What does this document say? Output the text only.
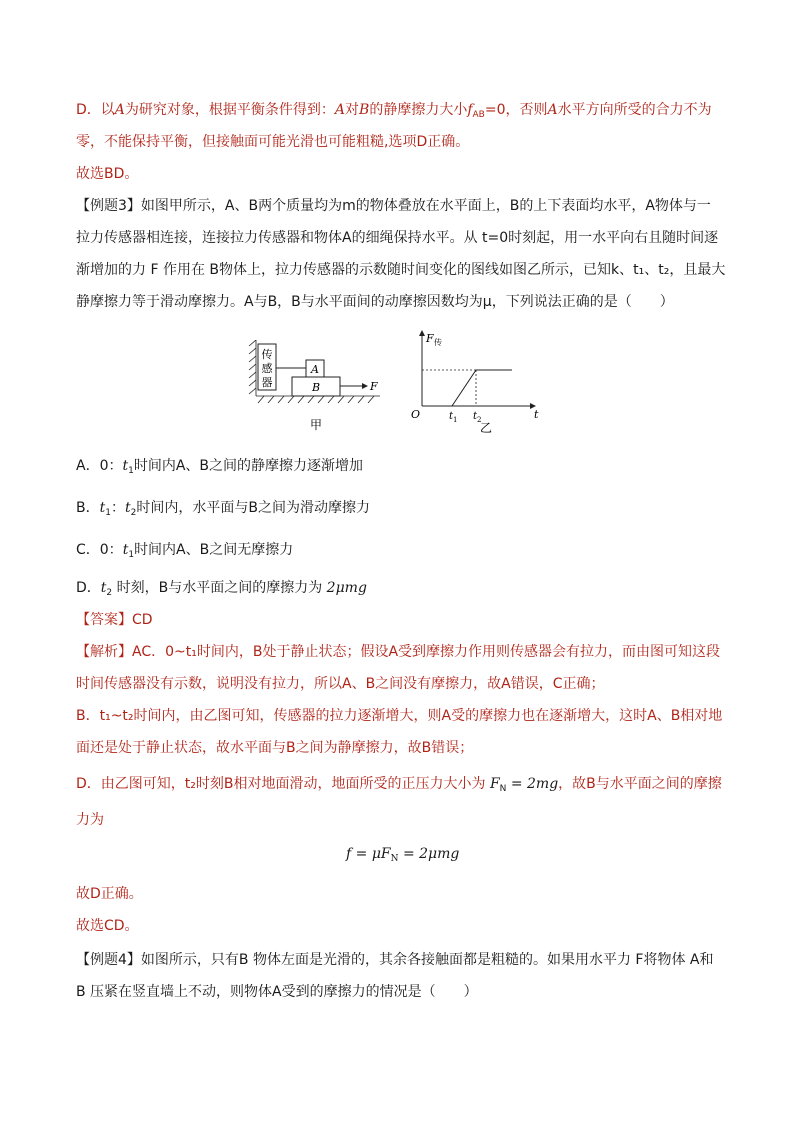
D．以A为研究对象，根据平衡条件得到：A对B的静摩擦力大小$f_{AB}=0$，否则A水平方向所受的合力不为
零，不能保持平衡，但接触面可能光滑也可能粗糙,选项D正确。
故选BD。
【例题3】如图甲所示，A、B两个质量均为m的物体叠放在水平面上，B的上下表面均水平，A物体与一
拉力传感器相连接，连接拉力传感器和物体A的细绳保持水平。从 t=0时刻起，用一水平向右且随时间逐
渐增加的力 F 作用在 B物体上，拉力传感器的示数随时间变化的图线如图乙所示，已知k、t₁、t₂，且最大
静摩擦力等于滑动摩擦力。A与B，B与水平面间的动摩擦因数均为μ，下列说法正确的是（　　）
传
感
器
A
B	F
甲
F 传
O	t 1 t 2	t
乙
A．0：$t_1$时间内A、B之间的静摩擦力逐渐增加
B．$t_1$：$t_2$时间内，水平面与B之间为滑动摩擦力
C．0：$t_1$时间内A、B之间无摩擦力
D．$t_2$ 时刻，B与水平面之间的摩擦力为 2μmg
【答案】CD
【解析】AC．0~t₁时间内，B处于静止状态；假设A受到摩擦力作用则传感器会有拉力，而由图可知这段
时间传感器没有示数，说明没有拉力，所以A、B之间没有摩擦力，故A错误，C正确；
B．t₁~t₂时间内，由乙图可知，传感器的拉力逐渐增大，则A受的摩擦力也在逐渐增大，这时A、B相对地
面还是处于静止状态，故水平面与B之间为静摩擦力，故B错误；
D．由乙图可知，t₂时刻B相对地面滑动，地面所受的正压力大小为 $F_N = 2mg$，故B与水平面之间的摩擦
力为
$f = \mu F_N = 2\mu mg$
故D正确。
故选CD。
【例题4】如图所示，只有B 物体左面是光滑的，其余各接触面都是粗糙的。如果用水平力 F将物体 A和
B 压紧在竖直墙上不动，则物体A受到的摩擦力的情况是（　　）
